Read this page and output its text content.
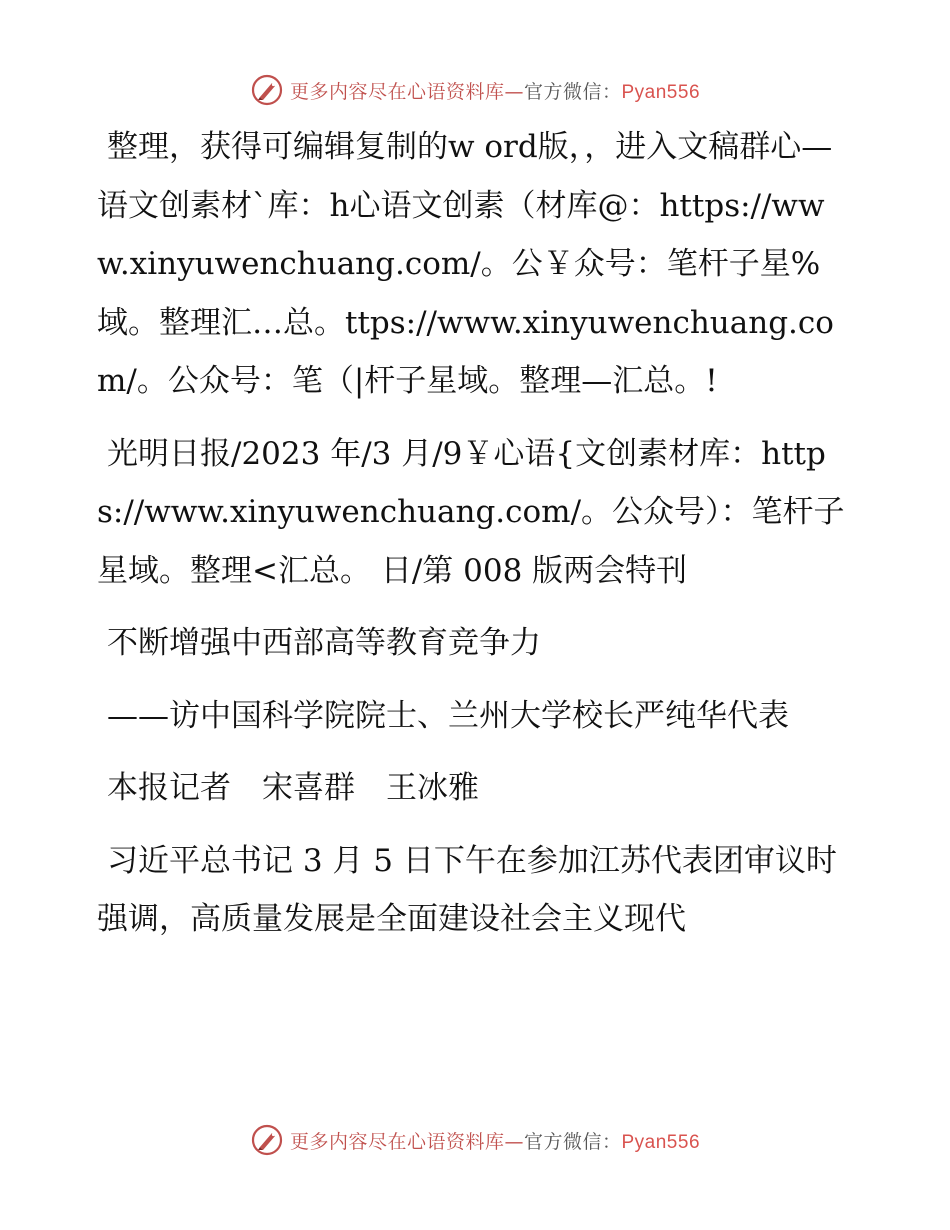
更多内容尽在心语资料库—官方微信：Pyan556

整理，获得可编辑复制的w ord版，，进入文稿群心—语文创素材`库：h心语文创素（材库@：https://www.xinyuwenchuang.com/。公￥众号：笔杆子星%域。整理汇…总。ttps://www.xinyuwenchuang.com/。公众号：笔（|杆子星域。整理—汇总。!

光明日报/2023 年/3 月/9￥心语{文创素材库：https://www.xinyuwenchuang.com/。公众号）：笔杆子星域。整理<汇总。 日/第 008 版两会特刊

不断增强中西部高等教育竞争力

——访中国科学院院士、兰州大学校长严纯华代表

本报记者　宋喜群　王冰雅

习近平总书记 3 月 5 日下午在参加江苏代表团审议时强调，高质量发展是全面建设社会主义现代

更多内容尽在心语资料库—官方微信：Pyan556
